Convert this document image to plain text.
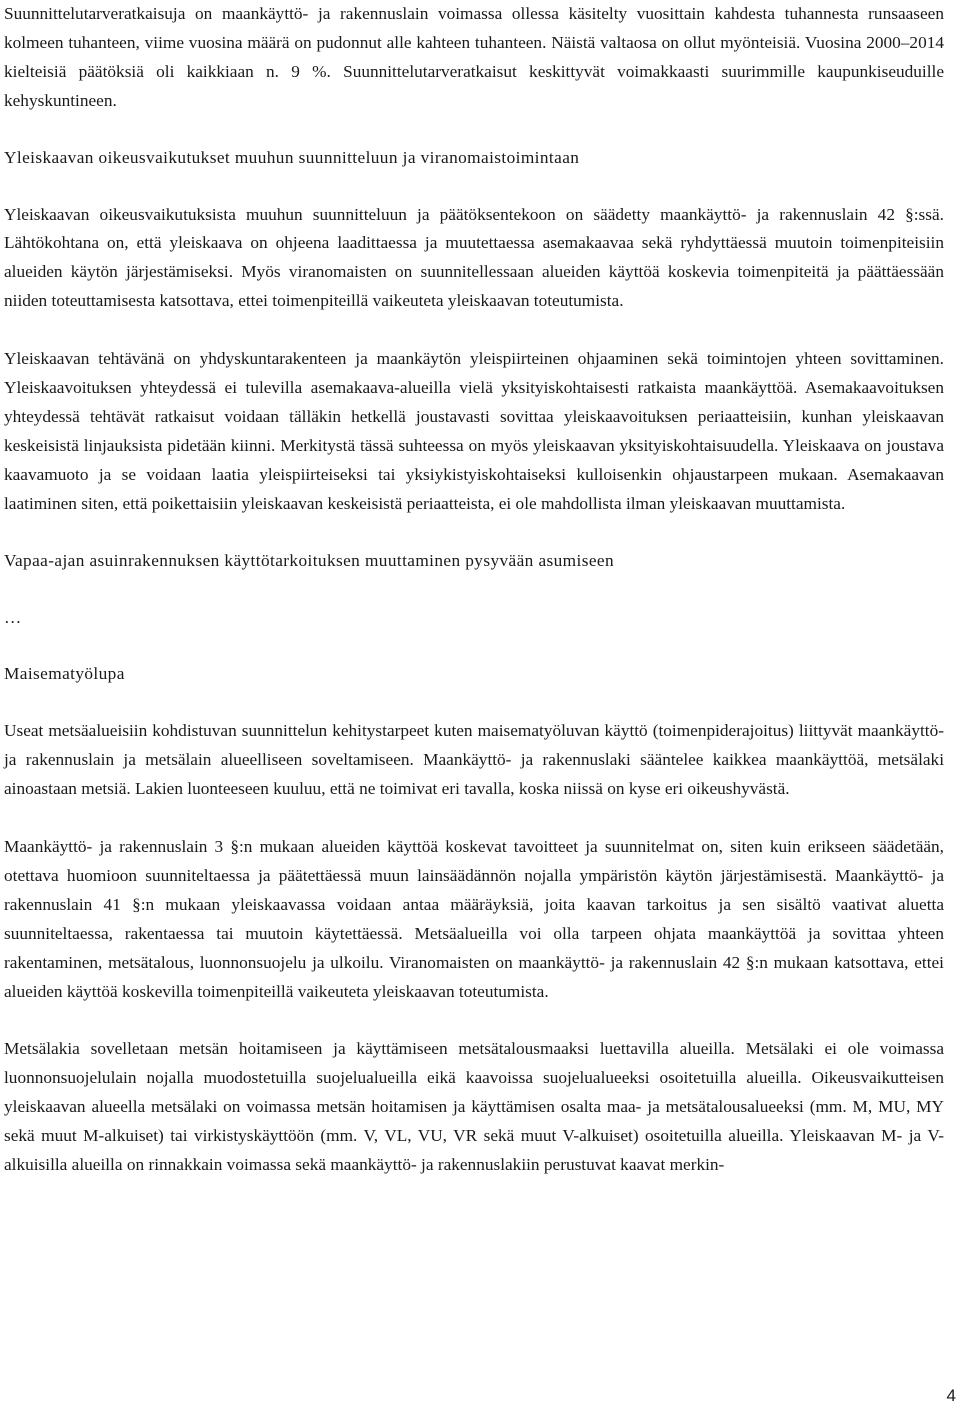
Suunnittelutarveratkaisuja on maankäyttö- ja rakennuslain voimassa ollessa käsitelty vuosittain kahdesta tuhannesta runsaaseen kolmeen tuhanteen, viime vuosina määrä on pudonnut alle kahteen tuhanteen. Näistä valtaosa on ollut myönteisiä. Vuosina 2000–2014 kielteisiä päätöksiä oli kaikkiaan n. 9 %. Suunnittelutarveratkaisut keskittyvät voimakkaasti suurimmille kaupunkiseuduille kehyskuntineen.

Yleiskaavan oikeusvaikutukset muuhun suunnitteluun ja viranomaistoimintaan

Yleiskaavan oikeusvaikutuksista muuhun suunnitteluun ja päätöksentekoon on säädetty maankäyttö- ja rakennuslain 42 §:ssä. Lähtökohtana on, että yleiskaava on ohjeena laadittaessa ja muutettaessa asemakaavaa sekä ryhdyttäessä muutoin toimenpiteisiin alueiden käytön järjestämiseksi. Myös viranomaisten on suunnitellessaan alueiden käyttöä koskevia toimenpiteitä ja päättäessään niiden toteuttamisesta katsottava, ettei toimenpiteillä vaikeuteta yleiskaavan toteutumista.

Yleiskaavan tehtävänä on yhdyskuntarakenteen ja maankäytön yleispiirteinen ohjaaminen sekä toimintojen yhteen sovittaminen. Yleiskaavoituksen yhteydessä ei tulevilla asemakaava-alueilla vielä yksityiskohtaisesti ratkaista maankäyttöä. Asemakaavoituksen yhteydessä tehtävät ratkaisut voidaan tälläkin hetkellä joustavasti sovittaa yleiskaavoituksen periaatteisiin, kunhan yleiskaavan keskeisistä linjauksista pidetään kiinni. Merkitystä tässä suhteessa on myös yleiskaavan yksityiskohtaisuudella. Yleiskaava on joustava kaavamuoto ja se voidaan laatia yleispiirteiseksi tai yksiykistyiskohtaiseksi kulloisenkin ohjaustarpeen mukaan. Asemakaavan laatiminen siten, että poikettaisiin yleiskaavan keskeisistä periaatteista, ei ole mahdollista ilman yleiskaavan muuttamista.

Vapaa-ajan asuinrakennuksen käyttötarkoituksen muuttaminen pysyvään asumiseen

…

Maisematyölupa

Useat metsäalueisiin kohdistuvan suunnittelun kehitystarpeet kuten maisematyöluvan käyttö (toimenpiderajoitus) liittyvät maankäyttö- ja rakennuslain ja metsälain alueelliseen soveltamiseen. Maankäyttö- ja rakennuslaki sääntelee kaikkea maankäyttöä, metsälaki ainoastaan metsiä. Lakien luonteeseen kuuluu, että ne toimivat eri tavalla, koska niissä on kyse eri oikeushyvästä.

Maankäyttö- ja rakennuslain 3 §:n mukaan alueiden käyttöä koskevat tavoitteet ja suunnitelmat on, siten kuin erikseen säädetään, otettava huomioon suunniteltaessa ja päätettäessä muun lainsäädännön nojalla ympäristön käytön järjestämisestä. Maankäyttö- ja rakennuslain 41 §:n mukaan yleiskaavassa voidaan antaa määräyksiä, joita kaavan tarkoitus ja sen sisältö vaativat aluetta suunniteltaessa, rakentaessa tai muutoin käytettäessä. Metsäalueilla voi olla tarpeen ohjata maankäyttöä ja sovittaa yhteen rakentaminen, metsätalous, luonnonsuojelu ja ulkoilu. Viranomaisten on maankäyttö- ja rakennuslain 42 §:n mukaan katsottava, ettei alueiden käyttöä koskevilla toimenpiteillä vaikeuteta yleiskaavan toteutumista.

Metsälakia sovelletaan metsän hoitamiseen ja käyttämiseen metsätalousmaaksi luettavilla alueilla. Metsälaki ei ole voimassa luonnonsuojelulain nojalla muodostetuilla suojelualueilla eikä kaavoissa suojelualueeksi osoitetuilla alueilla. Oikeusvaikutteisen yleiskaavan alueella metsälaki on voimassa metsän hoitamisen ja käyttämisen osalta maa- ja metsätalousalueeksi (mm. M, MU, MY sekä muut M-alkuiset) tai virkistyskäyttöön (mm. V, VL, VU, VR sekä muut V-alkuiset) osoitetuilla alueilla. Yleiskaavan M- ja V-alkuisilla alueilla on rinnakkain voimassa sekä maankäyttö- ja rakennuslakiin perustuvat kaavat merkin-

4
